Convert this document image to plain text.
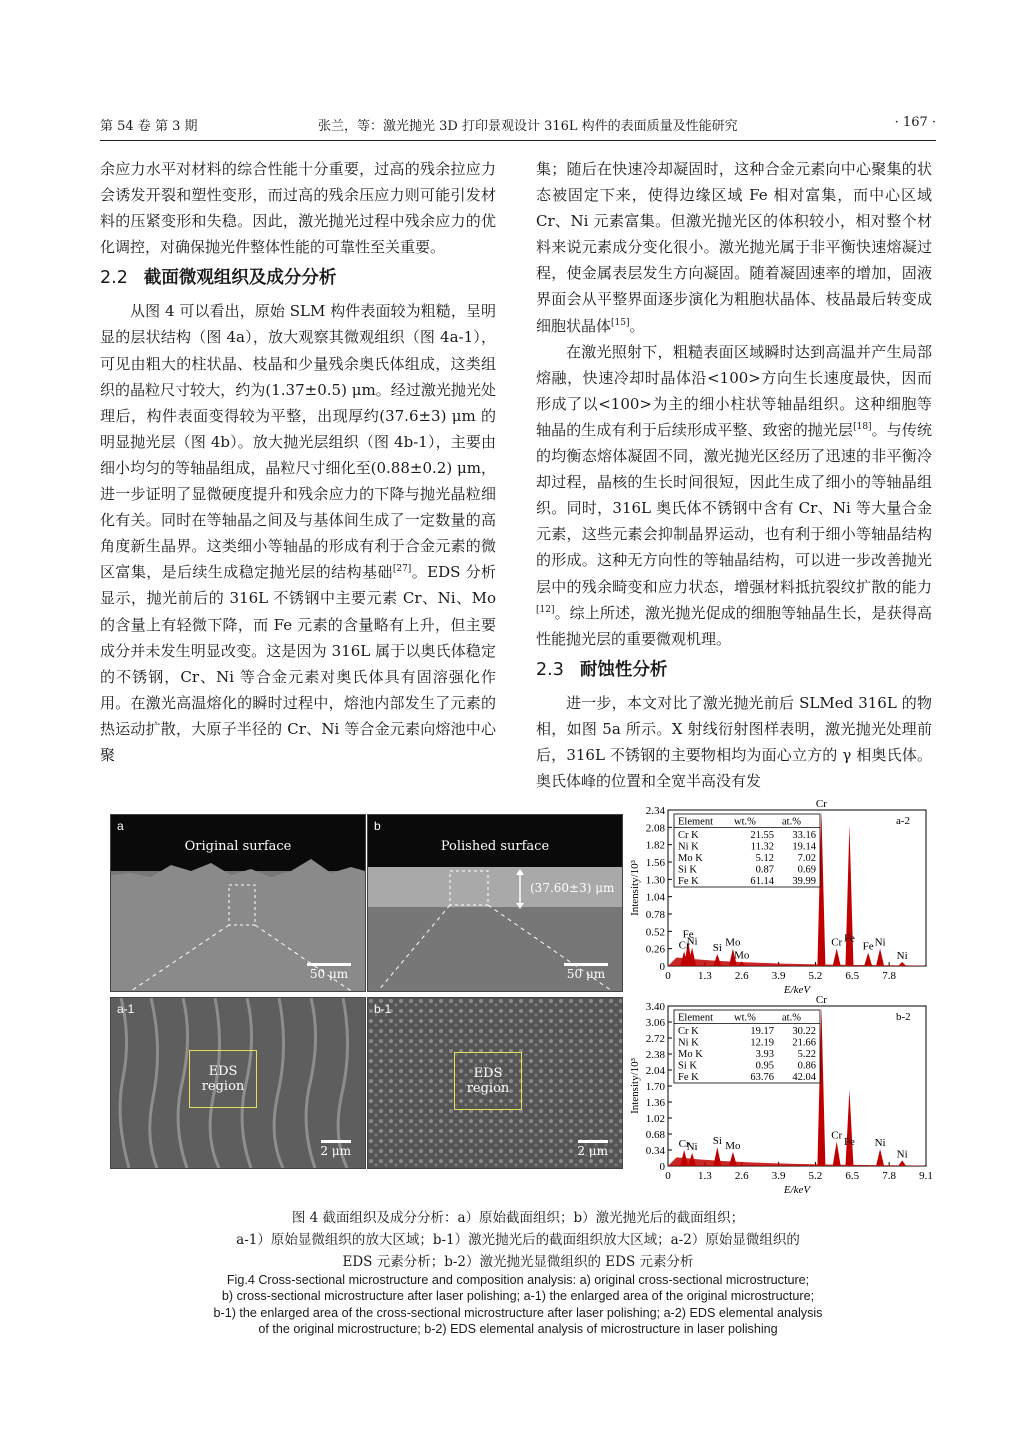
第 54 卷 第 3 期	张兰，等：激光抛光 3D 打印景观设计 316L 构件的表面质量及性能研究	· 167 ·

余应力水平对材料的综合性能十分重要，过高的残余拉应力会诱发开裂和塑性变形，而过高的残余压应力则可能引发材料的压紧变形和失稳。因此，激光抛光过程中残余应力的优化调控，对确保抛光件整体性能的可靠性至关重要。

2.2 截面微观组织及成分分析

从图 4 可以看出，原始 SLM 构件表面较为粗糙，呈明显的层状结构（图 4a），放大观察其微观组织（图 4a-1），可见由粗大的柱状晶、枝晶和少量残余奥氏体组成，这类组织的晶粒尺寸较大，约为(1.37±0.5) μm。经过激光抛光处理后，构件表面变得较为平整，出现厚约(37.6±3) μm 的明显抛光层（图 4b）。放大抛光层组织（图 4b-1），主要由细小均匀的等轴晶组成，晶粒尺寸细化至(0.88±0.2) μm，进一步证明了显微硬度提升和残余应力的下降与抛光晶粒细化有关。同时在等轴晶之间及与基体间生成了一定数量的高角度新生晶界。这类细小等轴晶的形成有利于合金元素的微区富集，是后续生成稳定抛光层的结构基础[27]。EDS 分析显示，抛光前后的 316L 不锈钢中主要元素 Cr、Ni、Mo 的含量上有轻微下降，而 Fe 元素的含量略有上升，但主要成分并未发生明显改变。这是因为 316L 属于以奥氏体稳定的不锈钢，Cr、Ni 等合金元素对奥氏体具有固溶强化作用。在激光高温熔化的瞬时过程中，熔池内部发生了元素的热运动扩散，大原子半径的 Cr、Ni 等合金元素向熔池中心聚

集；随后在快速冷却凝固时，这种合金元素向中心聚集的状态被固定下来，使得边缘区域 Fe 相对富集，而中心区域 Cr、Ni 元素富集。但激光抛光区的体积较小，相对整个材料来说元素成分变化很小。激光抛光属于非平衡快速熔凝过程，使金属表层发生方向凝固。随着凝固速率的增加，固液界面会从平整界面逐步演化为粗胞状晶体、枝晶最后转变成细胞状晶体[15]。

在激光照射下，粗糙表面区域瞬时达到高温并产生局部熔融，快速冷却时晶体沿<100>方向生长速度最快，因而形成了以<100>为主的细小柱状等轴晶组织。这种细胞等轴晶的生成有利于后续形成平整、致密的抛光层[18]。与传统的均衡态熔体凝固不同，激光抛光区经历了迅速的非平衡冷却过程，晶核的生长时间很短，因此生成了细小的等轴晶组织。同时，316L 奥氏体不锈钢中含有 Cr、Ni 等大量合金元素，这些元素会抑制晶界运动，也有利于细小等轴晶结构的形成。这种无方向性的等轴晶结构，可以进一步改善抛光层中的残余畸变和应力状态，增强材料抵抗裂纹扩散的能力[12]。综上所述，激光抛光促成的细胞等轴晶生长，是获得高性能抛光层的重要微观机理。

2.3 耐蚀性分析

进一步，本文对比了激光抛光前后 SLMed 316L 的物相，如图 5a 所示。X 射线衍射图样表明，激光抛光处理前后，316L 不锈钢的主要物相均为面心立方的 γ 相奥氏体。奥氏体峰的位置和全宽半高没有发

a
Original surface
50 μm
b
Polished surface
(37.60±3) μm
50 μm
a-1
EDS
region
2 μm
b-1
EDS
region
2 μm
0
0.26
0.52
0.78
1.04
1.30
1.56
1.82
2.08
2.34
0 1.3 2.6 3.9 5.2 6.5 7.8
E/keV
Intensity/10³
Cr
Fe
Ni
Si Mo
Mo
Cr
Cr Fe
Fe Ni
Ni
a-2
Element wt.% at.%
Cr K	21.55 33.16
Ni K	11.32 19.14
Mo K	5.12 7.02
Si K	0.87 0.69
Fe K	61.14 39.99
0
0.34
0.68
1.02
1.36
1.70
2.04
2.38
2.72
3.06
3.40
0 1.3 2.6 3.9 5.2 6.5 7.8 9.1
E/keV
Intensity/10³
Cr
Ni Si Mo
Cr
Cr
Fe Ni
Ni
b-2
Element wt.% at.%
Cr K	19.17 30.22
Ni K	12.19 21.66
Mo K	3.93 5.22
Si K	0.95 0.86
Fe K	63.76 42.04
图 4 截面组织及成分分析：a）原始截面组织；b）激光抛光后的截面组织；
a-1）原始显微组织的放大区域；b-1）激光抛光后的截面组织放大区域；a-2）原始显微组织的
EDS 元素分析；b-2）激光抛光显微组织的 EDS 元素分析
Fig.4 Cross-sectional microstructure and composition analysis: a) original cross-sectional microstructure;
b) cross-sectional microstructure after laser polishing; a-1) the enlarged area of the original microstructure;
b-1) the enlarged area of the cross-sectional microstructure after laser polishing; a-2) EDS elemental analysis
of the original microstructure; b-2) EDS elemental analysis of microstructure in laser polishing
